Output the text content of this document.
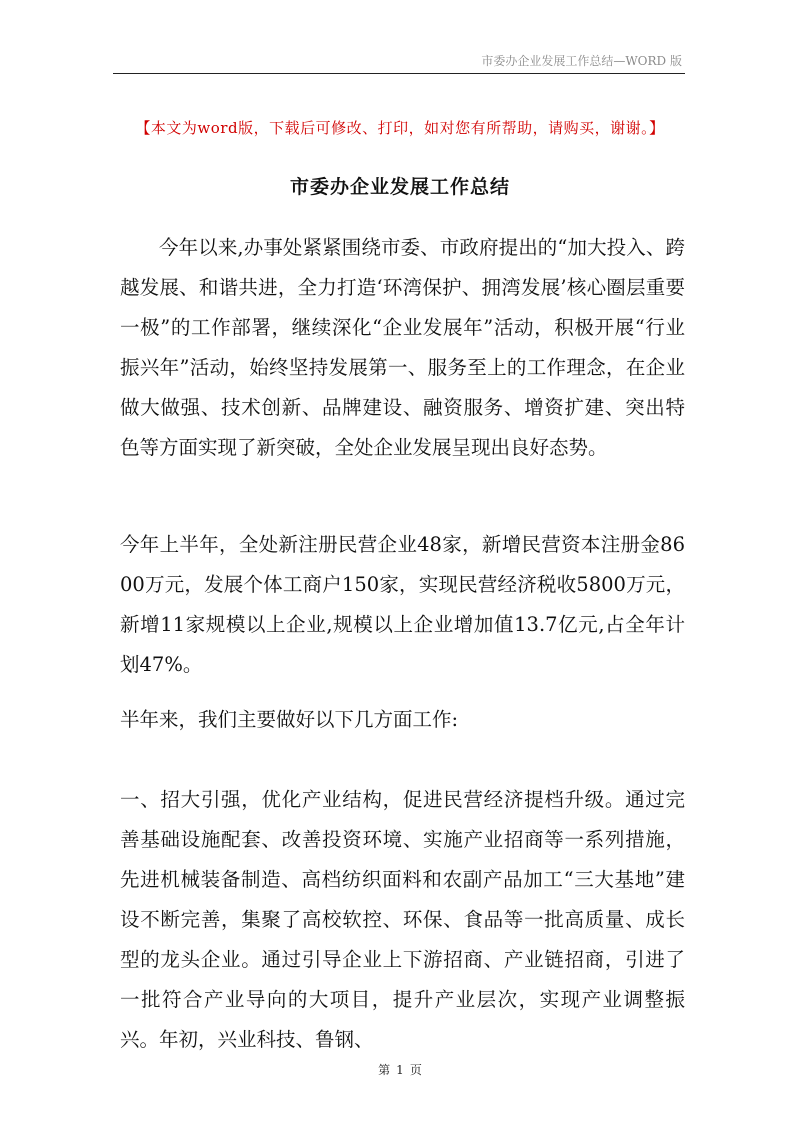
市委办企业发展工作总结—WORD 版
【本文为word版，下载后可修改、打印，如对您有所帮助，请购买，谢谢。】
市委办企业发展工作总结

今年以来,办事处紧紧围绕市委、市政府提出的“加大投入、跨越发展、和谐共进，全力打造‘环湾保护、拥湾发展’核心圈层重要一极”的工作部署，继续深化“企业发展年”活动，积极开展“行业振兴年”活动，始终坚持发展第一、服务至上的工作理念，在企业做大做强、技术创新、品牌建设、融资服务、增资扩建、突出特色等方面实现了新突破，全处企业发展呈现出良好态势。

今年上半年，全处新注册民营企业48家，新增民营资本注册金8600万元，发展个体工商户150家，实现民营经济税收5800万元，新增11家规模以上企业,规模以上企业增加值13.7亿元,占全年计划47%。

半年来，我们主要做好以下几方面工作:

一、招大引强，优化产业结构，促进民营经济提档升级。通过完善基础设施配套、改善投资环境、实施产业招商等一系列措施，先进机械装备制造、高档纺织面料和农副产品加工“三大基地”建设不断完善，集聚了高校软控、环保、食品等一批高质量、成长型的龙头企业。通过引导企业上下游招商、产业链招商，引进了一批符合产业导向的大项目，提升产业层次，实现产业调整振兴。年初，兴业科技、鲁钢、

第 1 页
